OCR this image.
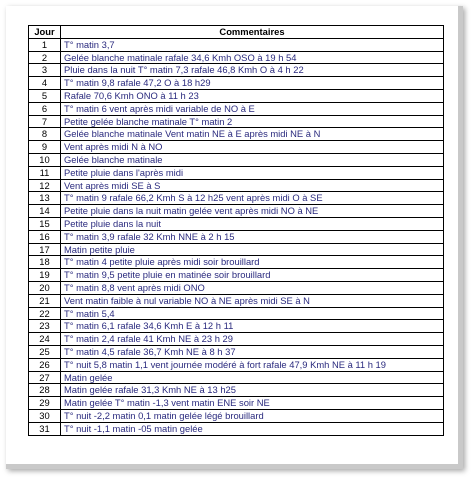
Jour	Commentaires
1	T° matin 3,7
2	Gelée blanche matinale rafale 34,6 Kmh OSO à 19 h 54
3	Pluie dans la nuit T° matin 7,3 rafale 46,8 Kmh O à 4 h 22
4	T° matin 9,8 rafale 47,2 O à 18 h29
5	Rafale 70,6 Kmh ONO à 11 h 23
6	T° matin 6 vent après midi variable de NO à E
7	Petite gelée blanche matinale T° matin 2
8	Gelée blanche matinale Vent matin NE à E après midi NE à N
9	Vent après midi N à NO
10	Gelée blanche matinale
11	Petite pluie dans l'après midi
12	Vent après midi SE à S
13	T° matin 9 rafale 66,2 Kmh S à 12 h25 vent après midi O à SE
14	Petite pluie dans la nuit matin gelée vent après midi NO à NE
15	Petite pluie dans la nuit
16	T° matin 3,9 rafale 32 Kmh NNE à 2 h 15
17	Matin petite pluie
18	T° matin 4 petite pluie après midi soir brouillard
19	T° matin 9,5 petite pluie en matinée soir brouillard
20	T° matin 8,8 vent après midi ONO
21	Vent matin faible à nul variable NO à NE après midi SE à N
22	T° matin 5,4
23	T° matin 6,1 rafale 34,6 Kmh E à 12 h 11
24	T° matin 2,4 rafale 41 Kmh NE à 23 h 29
25	T° matin 4,5 rafale 36,7 Kmh NE à 8 h 37
26	T° nuit 5,8 matin 1,1 vent journée modéré à fort rafale 47,9 Kmh NE à 11 h 19
27	Matin gelée
28	Matin gelée rafale 31,3 Kmh NE à 13 h25
29	Matin gelée T° matin -1,3 vent matin ENE soir NE
30	T° nuit -2,2 matin 0,1 matin gelée légé brouillard
31	T° nuit -1,1 matin -05 matin gelée
